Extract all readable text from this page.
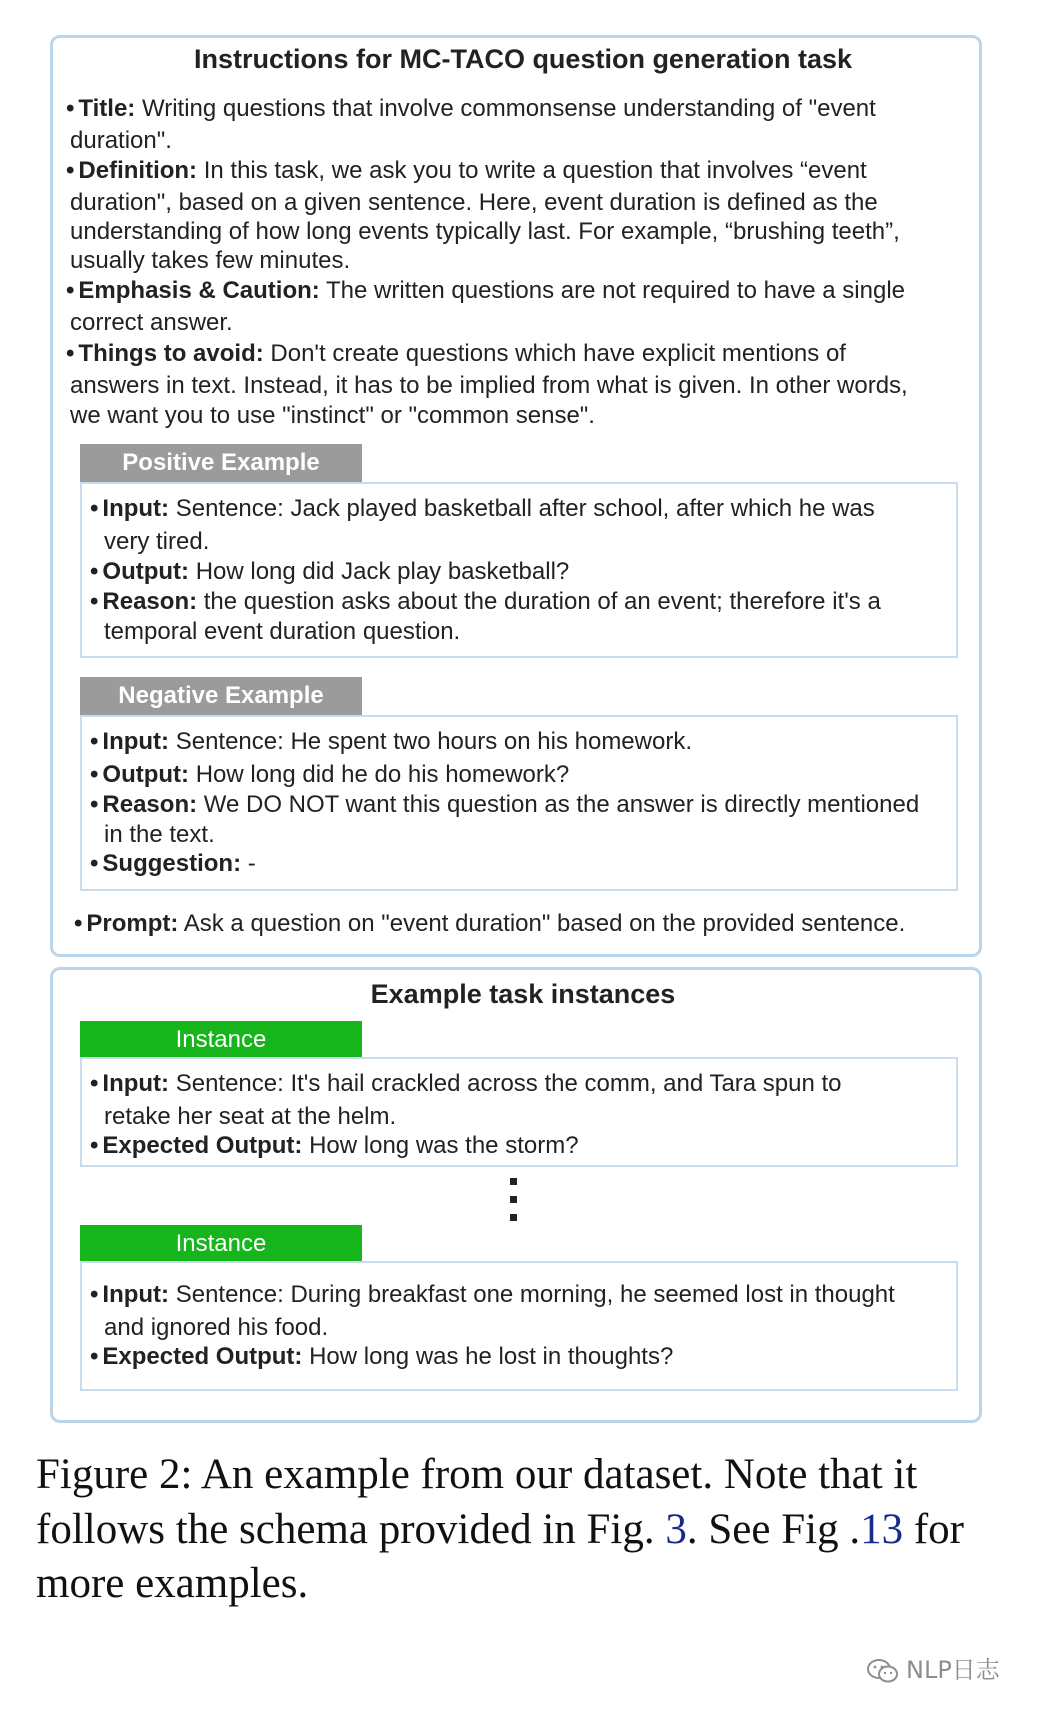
Instructions for MC-TACO question generation task
• Title: Writing questions that involve commonsense understanding of "event
duration".
• Definition: In this task, we ask you to write a question that involves “event
duration", based on a given sentence. Here, event duration is defined as the
understanding of how long events typically last. For example, “brushing teeth”,
usually takes few minutes.
• Emphasis & Caution: The written questions are not required to have a single
correct answer.
• Things to avoid: Don't create questions which have explicit mentions of
answers in text. Instead, it has to be implied from what is given. In other words,
we want you to use "instinct" or "common sense".
Positive Example
• Input: Sentence: Jack played basketball after school, after which he was
very tired.
• Output: How long did Jack play basketball?
• Reason: the question asks about the duration of an event; therefore it's a
temporal event duration question.
Negative Example
• Input: Sentence: He spent two hours on his homework.
• Output: How long did he do his homework?
• Reason: We DO NOT want this question as the answer is directly mentioned
in the text.
• Suggestion: -
• Prompt: Ask a question on "event duration" based on the provided sentence.
Example task instances
Instance
• Input: Sentence: It's hail crackled across the comm, and Tara spun to
retake her seat at the helm.
• Expected Output: How long was the storm?
Instance
• Input: Sentence: During breakfast one morning, he seemed lost in thought
and ignored his food.
• Expected Output: How long was he lost in thoughts?
Figure 2: An example from our dataset. Note that it
follows the schema provided in Fig. 3. See Fig .13 for
more examples.
NLP日志
